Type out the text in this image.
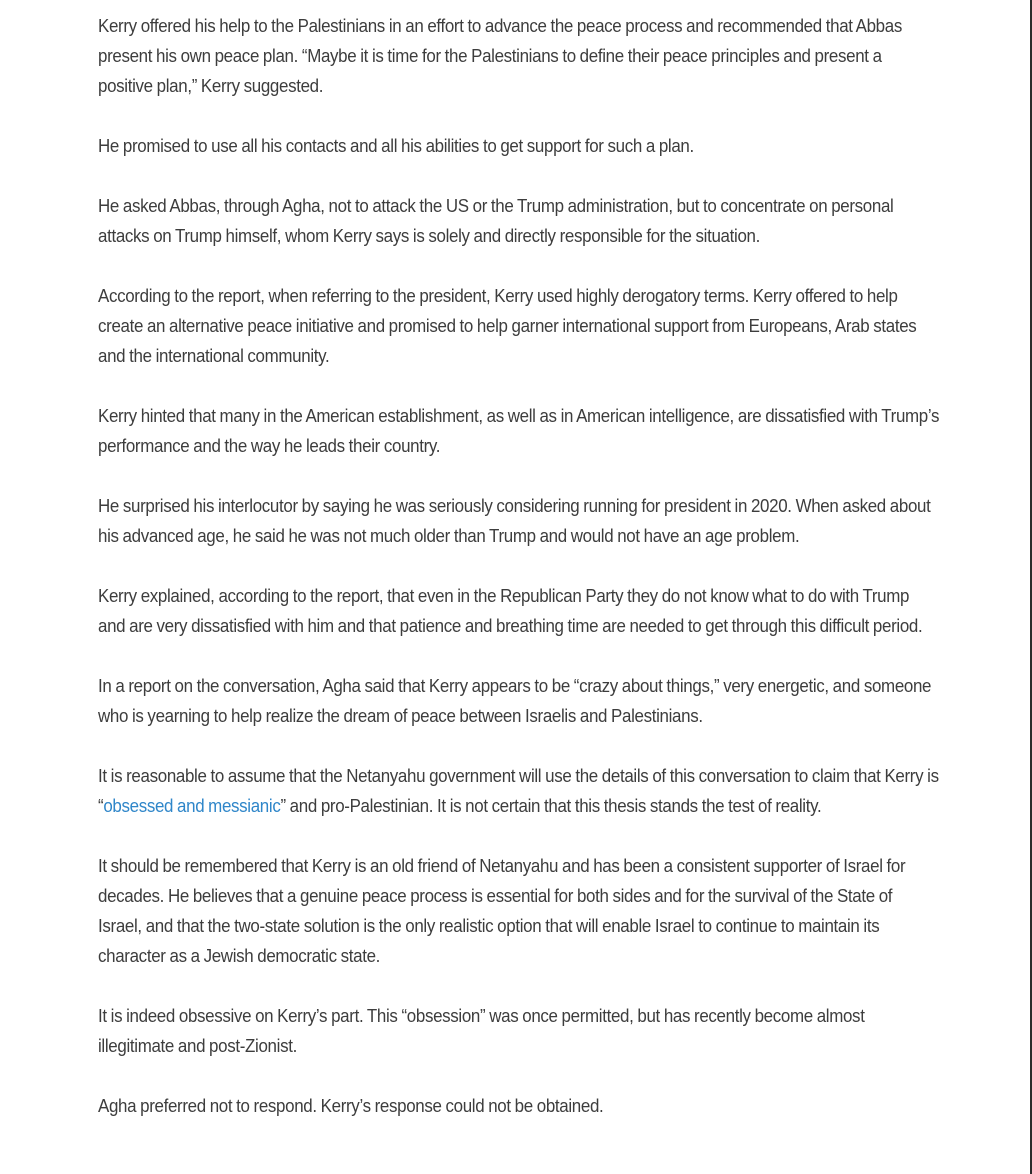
Kerry offered his help to the Palestinians in an effort to advance the peace process and recommended that Abbas present his own peace plan. “Maybe it is time for the Palestinians to define their peace principles and present a positive plan,” Kerry suggested.

He promised to use all his contacts and all his abilities to get support for such a plan.

He asked Abbas, through Agha, not to attack the US or the Trump administration, but to concentrate on personal attacks on Trump himself, whom Kerry says is solely and directly responsible for the situation.

According to the report, when referring to the president, Kerry used highly derogatory terms. Kerry offered to help create an alternative peace initiative and promised to help garner international support from Europeans, Arab states and the international community.

Kerry hinted that many in the American establishment, as well as in American intelligence, are dissatisfied with Trump’s performance and the way he leads their country.

He surprised his interlocutor by saying he was seriously considering running for president in 2020. When asked about his advanced age, he said he was not much older than Trump and would not have an age problem.

Kerry explained, according to the report, that even in the Republican Party they do not know what to do with Trump and are very dissatisfied with him and that patience and breathing time are needed to get through this difficult period.

In a report on the conversation, Agha said that Kerry appears to be “crazy about things,” very energetic, and someone who is yearning to help realize the dream of peace between Israelis and Palestinians.

It is reasonable to assume that the Netanyahu government will use the details of this conversation to claim that Kerry is “obsessed and messianic” and pro-Palestinian. It is not certain that this thesis stands the test of reality.

It should be remembered that Kerry is an old friend of Netanyahu and has been a consistent supporter of Israel for decades. He believes that a genuine peace process is essential for both sides and for the survival of the State of Israel, and that the two-state solution is the only realistic option that will enable Israel to continue to maintain its character as a Jewish democratic state.

It is indeed obsessive on Kerry’s part. This “obsession” was once permitted, but has recently become almost illegitimate and post-Zionist.

Agha preferred not to respond. Kerry’s response could not be obtained.
